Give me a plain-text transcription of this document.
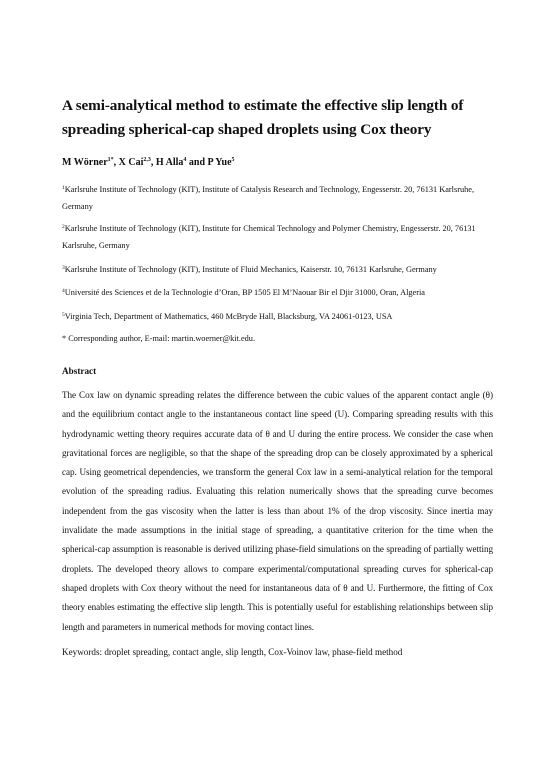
A semi-analytical method to estimate the effective slip length of spreading spherical-cap shaped droplets using Cox theory

M Wörner$^{1*}$, X Cai$^{2,3}$, H Alla$^4$ and P Yue$^5$

$^1$Karlsruhe Institute of Technology (KIT), Institute of Catalysis Research and Technology, Engesserstr. 20, 76131 Karlsruhe, Germany

$^2$Karlsruhe Institute of Technology (KIT), Institute for Chemical Technology and Polymer Chemistry, Engesserstr. 20, 76131 Karlsruhe, Germany

$^3$Karlsruhe Institute of Technology (KIT), Institute of Fluid Mechanics, Kaiserstr. 10, 76131 Karlsruhe, Germany

$^4$Université des Sciences et de la Technologie d’Oran, BP 1505 El M’Naouar Bir el Djir 31000, Oran, Algeria

$^5$Virginia Tech, Department of Mathematics, 460 McBryde Hall, Blacksburg, VA 24061-0123, USA

* Corresponding author, E-mail: martin.woerner@kit.edu.

Abstract

The Cox law on dynamic spreading relates the difference between the cubic values of the apparent contact angle (θ) and the equilibrium contact angle to the instantaneous contact line speed (U). Comparing spreading results with this hydrodynamic wetting theory requires accurate data of θ and U during the entire process. We consider the case when gravitational forces are negligible, so that the shape of the spreading drop can be closely approximated by a spherical cap. Using geometrical dependencies, we transform the general Cox law in a semi-analytical relation for the temporal evolution of the spreading radius. Evaluating this relation numerically shows that the spreading curve becomes independent from the gas viscosity when the latter is less than about 1% of the drop viscosity. Since inertia may invalidate the made assumptions in the initial stage of spreading, a quantitative criterion for the time when the spherical-cap assumption is reasonable is derived utilizing phase-field simulations on the spreading of partially wetting droplets. The developed theory allows to compare experimental/computational spreading curves for spherical-cap shaped droplets with Cox theory without the need for instantaneous data of θ and U. Furthermore, the fitting of Cox theory enables estimating the effective slip length. This is potentially useful for establishing relationships between slip length and parameters in numerical methods for moving contact lines.

Keywords: droplet spreading, contact angle, slip length, Cox-Voinov law, phase-field method
